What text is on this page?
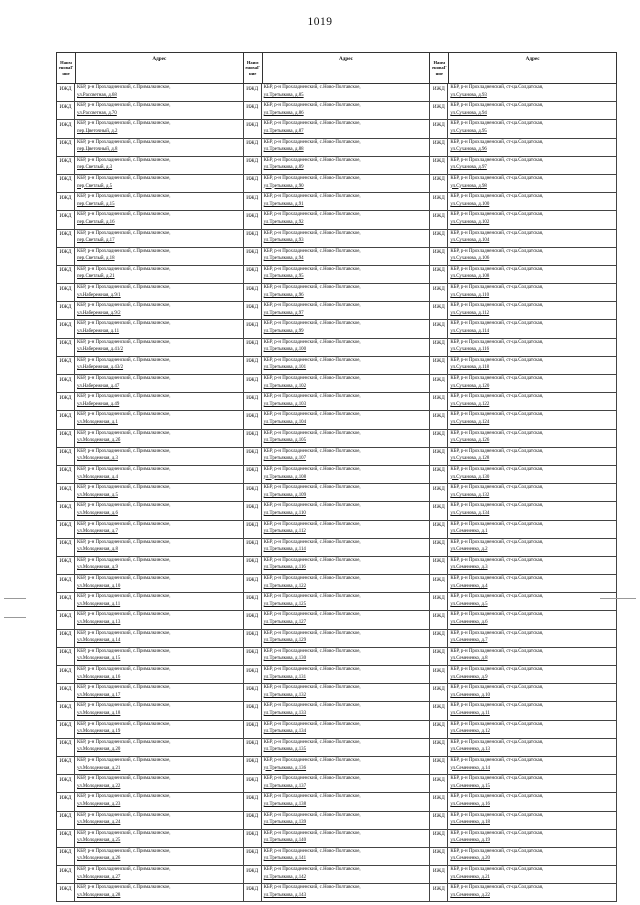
1019
Наим еноваГ ние
Адрес
ИЖД	КБР, р-н Прохладненский, с.Прималкинское,
ул.Рассветная, д.68
ИЖД	КБР, р-н Прохладненский, с.Прималкинское,
ул.Рассветная, д.70
ИЖД	КБР, р-н Прохладненский, с.Прималкинское,
пер.Цветочный, д.2
ИЖД	КБР, р-н Прохладненский, с.Прималкинское,
пер.Цветочный, д.8
ИЖД	КБР, р-н Прохладненский, с.Прималкинское,
пер.Светлый, д.3
ИЖД	КБР, р-н Прохладненский, с.Прималкинское,
пер.Светлый, д.5
ИЖД	КБР, р-н Прохладненский, с.Прималкинское,
пер.Светлый, д.15
ИЖД	КБР, р-н Прохладненский, с.Прималкинское,
пер.Светлый, д.16
ИЖД	КБР, р-н Прохладненский, с.Прималкинское,
пер.Светлый, д.17
ИЖД	КБР, р-н Прохладненский, с.Прималкинское,
пер.Светлый, д.18
ИЖД	КБР, р-н Прохладненский, с.Прималкинское,
пер.Светлый, д.21
ИЖД	КБР, р-н Прохладненский, с.Прималкинское,
ул.Набережная, д.9/1
ИЖД	КБР, р-н Прохладненский, с.Прималкинское,
ул.Набережная, д.9/2
ИЖД	КБР, р-н Прохладненский, с.Прималкинское,
ул.Набережная, д.11
ИЖД	КБР, р-н Прохладненский, с.Прималкинское,
ул.Набережная, д.41/2
ИЖД	КБР, р-н Прохладненский, с.Прималкинское,
ул.Набережная, д.43/2
ИЖД	КБР, р-н Прохладненский, с.Прималкинское,
ул.Набережная, д.47
ИЖД	КБР, р-н Прохладненский, с.Прималкинское,
ул.Набережная, д.49
ИЖД	КБР, р-н Прохладненский, с.Прималкинское,
ул.Молодежная, д.1
ИЖД	КБР, р-н Прохладненский, с.Прималкинское,
ул.Молодежная, д.2б
ИЖД	КБР, р-н Прохладненский, с.Прималкинское,
ул.Молодежная, д.3
ИЖД	КБР, р-н Прохладненский, с.Прималкинское,
ул.Молодежная, д.4
ИЖД	КБР, р-н Прохладненский, с.Прималкинское,
ул.Молодежная, д.5
ИЖД	КБР, р-н Прохладненский, с.Прималкинское,
ул.Молодежная, д.6
ИЖД	КБР, р-н Прохладненский, с.Прималкинское,
ул.Молодежная, д.7
ИЖД	КБР, р-н Прохладненский, с.Прималкинское,
ул.Молодежная, д.8
ИЖД	КБР, р-н Прохладненский, с.Прималкинское,
ул.Молодежная, д.9
ИЖД	КБР, р-н Прохладненский, с.Прималкинское,
ул.Молодежная, д.10
ИЖД	КБР, р-н Прохладненский, с.Прималкинское,
ул.Молодежная, д.11
ИЖД	КБР, р-н Прохладненский, с.Прималкинское,
ул.Молодежная, д.13
ИЖД	КБР, р-н Прохладненский, с.Прималкинское,
ул.Молодежная, д.14
ИЖД	КБР, р-н Прохладненский, с.Прималкинское,
ул.Молодежная, д.15
ИЖД	КБР, р-н Прохладненский, с.Прималкинское,
ул.Молодежная, д.16
ИЖД	КБР, р-н Прохладненский, с.Прималкинское,
ул.Молодежная, д.17
ИЖД	КБР, р-н Прохладненский, с.Прималкинское,
ул.Молодежная, д.18
ИЖД	КБР, р-н Прохладненский, с.Прималкинское,
ул.Молодежная, д.19
ИЖД	КБР, р-н Прохладненский, с.Прималкинское,
ул.Молодежная, д.20
ИЖД	КБР, р-н Прохладненский, с.Прималкинское,
ул.Молодежная, д.21
ИЖД	КБР, р-н Прохладненский, с.Прималкинское,
ул.Молодежная, д.22
ИЖД	КБР, р-н Прохладненский, с.Прималкинское,
ул.Молодежная, д.23
ИЖД	КБР, р-н Прохладненский, с.Прималкинское,
ул.Молодежная, д.24
ИЖД	КБР, р-н Прохладненский, с.Прималкинское,
ул.Молодежная, д.25
ИЖД	КБР, р-н Прохладненский, с.Прималкинское,
ул.Молодежная, д.26
ИЖД	КБР, р-н Прохладненский, с.Прималкинское,
ул.Молодежная, д.27
ИЖД	КБР, р-н Прохладненский, с.Прималкинское,
ул.Молодежная, д.28
Наим еноваГ ние
Адрес
ИЖД	КБР, р-н Прохладненский, с.Ново-Полтавское,
ул.Третьякова, д.85
ИЖД	КБР, р-н Прохладненский, с.Ново-Полтавское,
ул.Третьякова, д.86
ИЖД	КБР, р-н Прохладненский, с.Ново-Полтавское,
ул.Третьякова, д.87
ИЖД	КБР, р-н Прохладненский, с.Ново-Полтавское,
ул.Третьякова, д.88
ИЖД	КБР, р-н Прохладненский, с.Ново-Полтавское,
ул.Третьякова, д.89
ИЖД	КБР, р-н Прохладненский, с.Ново-Полтавское,
ул.Третьякова, д.90
ИЖД	КБР, р-н Прохладненский, с.Ново-Полтавское,
ул.Третьякова, д.91
ИЖД	КБР, р-н Прохладненский, с.Ново-Полтавское,
ул.Третьякова, д.92
ИЖД	КБР, р-н Прохладненский, с.Ново-Полтавское,
ул.Третьякова, д.93
ИЖД	КБР, р-н Прохладненский, с.Ново-Полтавское,
ул.Третьякова, д.94
ИЖД	КБР, р-н Прохладненский, с.Ново-Полтавское,
ул.Третьякова, д.95
ИЖД	КБР, р-н Прохладненский, с.Ново-Полтавское,
ул.Третьякова, д.96
ИЖД	КБР, р-н Прохладненский, с.Ново-Полтавское,
ул.Третьякова, д.97
ИЖД	КБР, р-н Прохладненский, с.Ново-Полтавское,
ул.Третьякова, д.99
ИЖД	КБР, р-н Прохладненский, с.Ново-Полтавское,
ул.Третьякова, д.100
ИЖД	КБР, р-н Прохладненский, с.Ново-Полтавское,
ул.Третьякова, д.101
ИЖД	КБР, р-н Прохладненский, с.Ново-Полтавское,
ул.Третьякова, д.102
ИЖД	КБР, р-н Прохладненский, с.Ново-Полтавское,
ул.Третьякова, д.103
ИЖД	КБР, р-н Прохладненский, с.Ново-Полтавское,
ул.Третьякова, д.104
ИЖД	КБР, р-н Прохладненский, с.Ново-Полтавское,
ул.Третьякова, д.105
ИЖД	КБР, р-н Прохладненский, с.Ново-Полтавское,
ул.Третьякова, д.107
ИЖД	КБР, р-н Прохладненский, с.Ново-Полтавское,
ул.Третьякова, д.108
ИЖД	КБР, р-н Прохладненский, с.Ново-Полтавское,
ул.Третьякова, д.109
ИЖД	КБР, р-н Прохладненский, с.Ново-Полтавское,
ул.Третьякова, д.110
ИЖД	КБР, р-н Прохладненский, с.Ново-Полтавское,
ул.Третьякова, д.112
ИЖД	КБР, р-н Прохладненский, с.Ново-Полтавское,
ул.Третьякова, д.114
ИЖД	КБР, р-н Прохладненский, с.Ново-Полтавское,
ул.Третьякова, д.116
ИЖД	КБР, р-н Прохладненский, с.Ново-Полтавское,
ул.Третьякова, д.122
ИЖД	КБР, р-н Прохладненский, с.Ново-Полтавское,
ул.Третьякова, д.125
ИЖД	КБР, р-н Прохладненский, с.Ново-Полтавское,
ул.Третьякова, д.127
ИЖД	КБР, р-н Прохладненский, с.Ново-Полтавское,
ул.Третьякова, д.129
ИЖД	КБР, р-н Прохладненский, с.Ново-Полтавское,
ул.Третьякова, д.130
ИЖД	КБР, р-н Прохладненский, с.Ново-Полтавское,
ул.Третьякова, д.131
ИЖД	КБР, р-н Прохладненский, с.Ново-Полтавское,
ул.Третьякова, д.132
ИЖД	КБР, р-н Прохладненский, с.Ново-Полтавское,
ул.Третьякова, д.133
ИЖД	КБР, р-н Прохладненский, с.Ново-Полтавское,
ул.Третьякова, д.134
ИЖД	КБР, р-н Прохладненский, с.Ново-Полтавское,
ул.Третьякова, д.135
ИЖД	КБР, р-н Прохладненский, с.Ново-Полтавское,
ул.Третьякова, д.136
ИЖД	КБР, р-н Прохладненский, с.Ново-Полтавское,
ул.Третьякова, д.137
ИЖД	КБР, р-н Прохладненский, с.Ново-Полтавское,
ул.Третьякова, д.138
ИЖД	КБР, р-н Прохладненский, с.Ново-Полтавское,
ул.Третьякова, д.139
ИЖД	КБР, р-н Прохладненский, с.Ново-Полтавское,
ул.Третьякова, д.140
ИЖД	КБР, р-н Прохладненский, с.Ново-Полтавское,
ул.Третьякова, д.141
ИЖД	КБР, р-н Прохладненский, с.Ново-Полтавское,
ул.Третьякова, д.142
ИЖД	КБР, р-н Прохладненский, с.Ново-Полтавское,
ул.Третьякова, д.143
Наим еноваГ ние
Адрес
ИЖД	КБР, р-н Прохладненский, ст-ца.Солдатская,
ул.Суханова, д.93
ИЖД	КБР, р-н Прохладненский, ст-ца.Солдатская,
ул.Суханова, д.94
ИЖД	КБР, р-н Прохладненский, ст-ца.Солдатская,
ул.Суханова, д.95
ИЖД	КБР, р-н Прохладненский, ст-ца.Солдатская,
ул.Суханова, д.96
ИЖД	КБР, р-н Прохладненский, ст-ца.Солдатская,
ул.Суханова, д.97
ИЖД	КБР, р-н Прохладненский, ст-ца.Солдатская,
ул.Суханова, д.98
ИЖД	КБР, р-н Прохладненский, ст-ца.Солдатская,
ул.Суханова, д.100
ИЖД	КБР, р-н Прохладненский, ст-ца.Солдатская,
ул.Суханова, д.102
ИЖД	КБР, р-н Прохладненский, ст-ца.Солдатская,
ул.Суханова, д.104
ИЖД	КБР, р-н Прохладненский, ст-ца.Солдатская,
ул.Суханова, д.106
ИЖД	КБР, р-н Прохладненский, ст-ца.Солдатская,
ул.Суханова, д.108
ИЖД	КБР, р-н Прохладненский, ст-ца.Солдатская,
ул.Суханова, д.110
ИЖД	КБР, р-н Прохладненский, ст-ца.Солдатская,
ул.Суханова, д.112
ИЖД	КБР, р-н Прохладненский, ст-ца.Солдатская,
ул.Суханова, д.114
ИЖД	КБР, р-н Прохладненский, ст-ца.Солдатская,
ул.Суханова, д.116
ИЖД	КБР, р-н Прохладненский, ст-ца.Солдатская,
ул.Суханова, д.118
ИЖД	КБР, р-н Прохладненский, ст-ца.Солдатская,
ул.Суханова, д.120
ИЖД	КБР, р-н Прохладненский, ст-ца.Солдатская,
ул.Суханова, д.122
ИЖД	КБР, р-н Прохладненский, ст-ца.Солдатская,
ул.Суханова, д.124
ИЖД	КБР, р-н Прохладненский, ст-ца.Солдатская,
ул.Суханова, д.126
ИЖД	КБР, р-н Прохладненский, ст-ца.Солдатская,
ул.Суханова, д.128
ИЖД	КБР, р-н Прохладненский, ст-ца.Солдатская,
ул.Суханова, д.130
ИЖД	КБР, р-н Прохладненский, ст-ца.Солдатская,
ул.Суханова, д.132
ИЖД	КБР, р-н Прохладненский, ст-ца.Солдатская,
ул.Суханова, д.134
ИЖД	КБР, р-н Прохладненский, ст-ца.Солдатская,
ул.Семененко, д.1
ИЖД	КБР, р-н Прохладненский, ст-ца.Солдатская,
ул.Семененко, д.2
ИЖД	КБР, р-н Прохладненский, ст-ца.Солдатская,
ул.Семененко, д.3
ИЖД	КБР, р-н Прохладненский, ст-ца.Солдатская,
ул.Семененко, д.4
ИЖД	КБР, р-н Прохладненский, ст-ца.Солдатская,
ул.Семененко, д.5
ИЖД	КБР, р-н Прохладненский, ст-ца.Солдатская,
ул.Семененко, д.6
ИЖД	КБР, р-н Прохладненский, ст-ца.Солдатская,
ул.Семененко, д.7
ИЖД	КБР, р-н Прохладненский, ст-ца.Солдатская,
ул.Семененко, д.8
ИЖД	КБР, р-н Прохладненский, ст-ца.Солдатская,
ул.Семененко, д.9
ИЖД	КБР, р-н Прохладненский, ст-ца.Солдатская,
ул.Семененко, д.10
ИЖД	КБР, р-н Прохладненский, ст-ца.Солдатская,
ул.Семененко, д.11
ИЖД	КБР, р-н Прохладненский, ст-ца.Солдатская,
ул.Семененко, д.12
ИЖД	КБР, р-н Прохладненский, ст-ца.Солдатская,
ул.Семененко, д.13
ИЖД	КБР, р-н Прохладненский, ст-ца.Солдатская,
ул.Семененко, д.14
ИЖД	КБР, р-н Прохладненский, ст-ца.Солдатская,
ул.Семененко, д.15
ИЖД	КБР, р-н Прохладненский, ст-ца.Солдатская,
ул.Семененко, д.16
ИЖД	КБР, р-н Прохладненский, ст-ца.Солдатская,
ул.Семененко, д.18
ИЖД	КБР, р-н Прохладненский, ст-ца.Солдатская,
ул.Семененко, д.19
ИЖД	КБР, р-н Прохладненский, ст-ца.Солдатская,
ул.Семененко, д.20
ИЖД	КБР, р-н Прохладненский, ст-ца.Солдатская,
ул.Семененко, д.21
ИЖД	КБР, р-н Прохладненский, ст-ца.Солдатская,
ул.Семененко, д.22
